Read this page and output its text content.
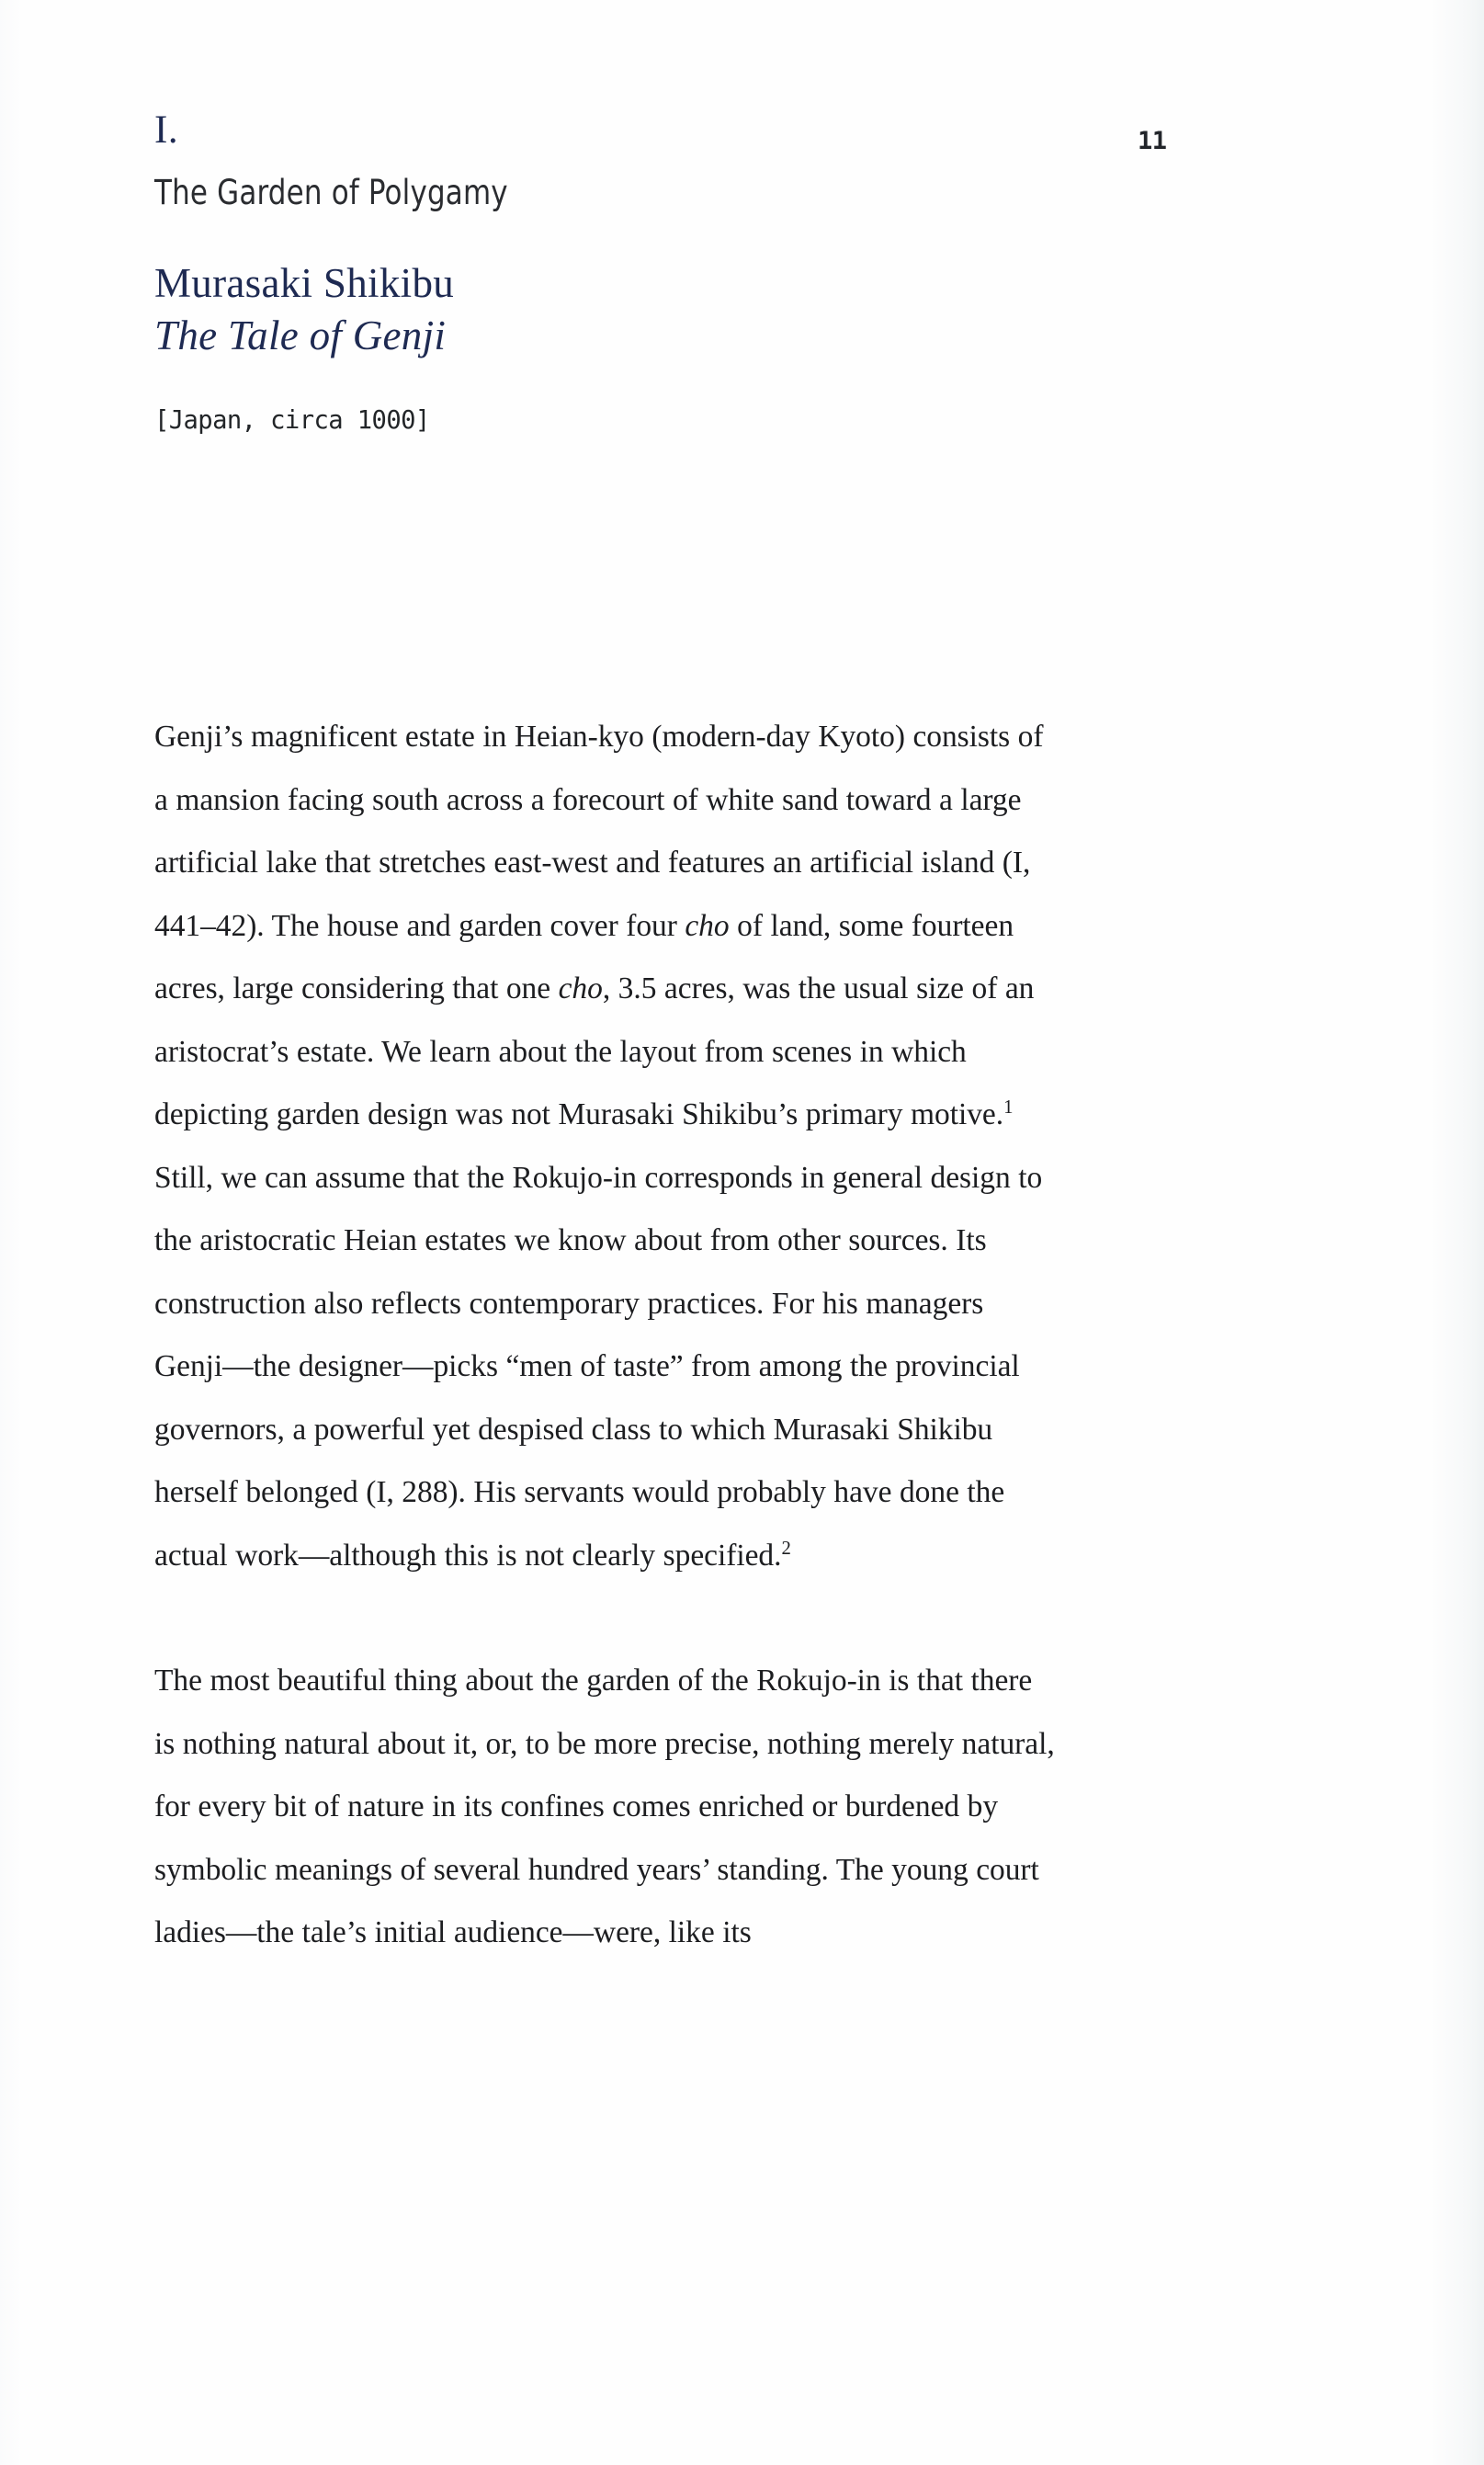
11
I.
The Garden of Polygamy
Murasaki Shikibu
The Tale of Genji
[Japan, circa 1000]

Genji’s magnificent estate in Heian-kyo (modern-day Kyoto) consists of a mansion facing south across a forecourt of white sand toward a large artificial lake that stretches east-west and features an artificial island (I, 441–42). The house and garden cover four cho of land, some fourteen acres, large considering that one cho, 3.5 acres, was the usual size of an aristocrat’s estate. We learn about the layout from scenes in which depicting garden design was not Murasaki Shikibu’s primary motive.$^1$ Still, we can assume that the Rokujo-in corresponds in general design to the aristocratic Heian estates we know about from other sources. Its construction also reflects contemporary practices. For his managers Genji—the designer—picks “men of taste” from among the provincial governors, a powerful yet despised class to which Murasaki Shikibu herself belonged (I, 288). His servants would probably have done the actual work—although this is not clearly specified.$^2$

The most beautiful thing about the garden of the Rokujo-in is that there is nothing natural about it, or, to be more precise, nothing merely natural, for every bit of nature in its confines comes enriched or burdened by symbolic meanings of several hundred years’ standing. The young court ladies—the tale’s initial audience—were, like its
